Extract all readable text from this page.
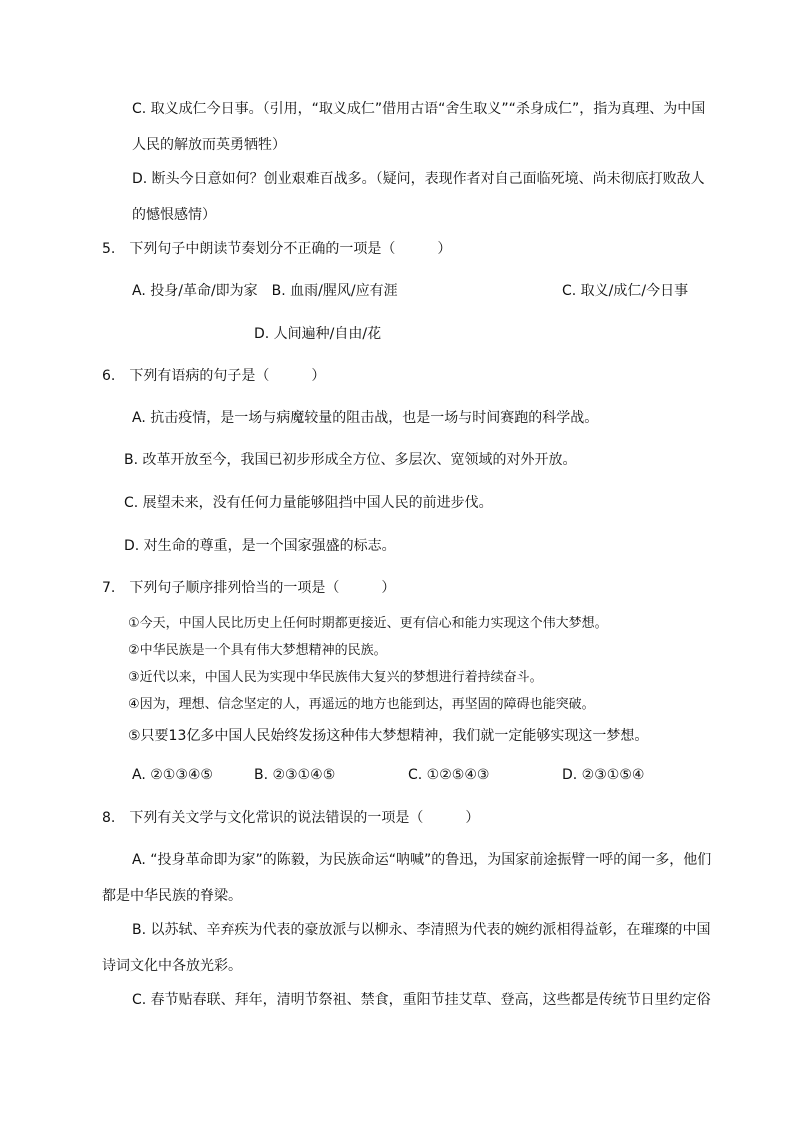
C. 取义成仁今日事。（引用，“取义成仁”借用古语“舍生取义”“杀身成仁”，指为真理、为中国
人民的解放而英勇牺牲）
D. 断头今日意如何？创业艰难百战多。（疑问，表现作者对自己面临死境、尚未彻底打败敌人
的憾恨感情）
5.　下列句子中朗读节奏划分不正确的一项是（　　　）
A. 投身/革命/即为家　B. 血雨/腥风/应有涯	C. 取义/成仁/今日事
D. 人间遍种/自由/花
6.　下列有语病的句子是（　　　）
A. 抗击疫情，是一场与病魔较量的阻击战，也是一场与时间赛跑的科学战。
B. 改革开放至今，我国已初步形成全方位、多层次、宽领域的对外开放。
C. 展望未来，没有任何力量能够阻挡中国人民的前进步伐。
D. 对生命的尊重，是一个国家强盛的标志。
7.　下列句子顺序排列恰当的一项是（　　　）
①今天，中国人民比历史上任何时期都更接近、更有信心和能力实现这个伟大梦想。
②中华民族是一个具有伟大梦想精神的民族。
③近代以来，中国人民为实现中华民族伟大复兴的梦想进行着持续奋斗。
④因为，理想、信念坚定的人，再遥远的地方也能到达，再坚固的障碍也能突破。
⑤只要13亿多中国人民始终发扬这种伟大梦想精神，我们就一定能够实现这一梦想。
A. ②①③④⑤	B. ②③①④⑤	C. ①②⑤④③	D. ②③①⑤④
8.　下列有关文学与文化常识的说法错误的一项是（　　　）
A. “投身革命即为家”的陈毅，为民族命运“呐喊”的鲁迅，为国家前途振臂一呼的闻一多，他们
都是中华民族的脊梁。
B. 以苏轼、辛弃疾为代表的豪放派与以柳永、李清照为代表的婉约派相得益彰，在璀璨的中国
诗词文化中各放光彩。
C. 春节贴春联、拜年，清明节祭祖、禁食，重阳节挂艾草、登高，这些都是传统节日里约定俗
